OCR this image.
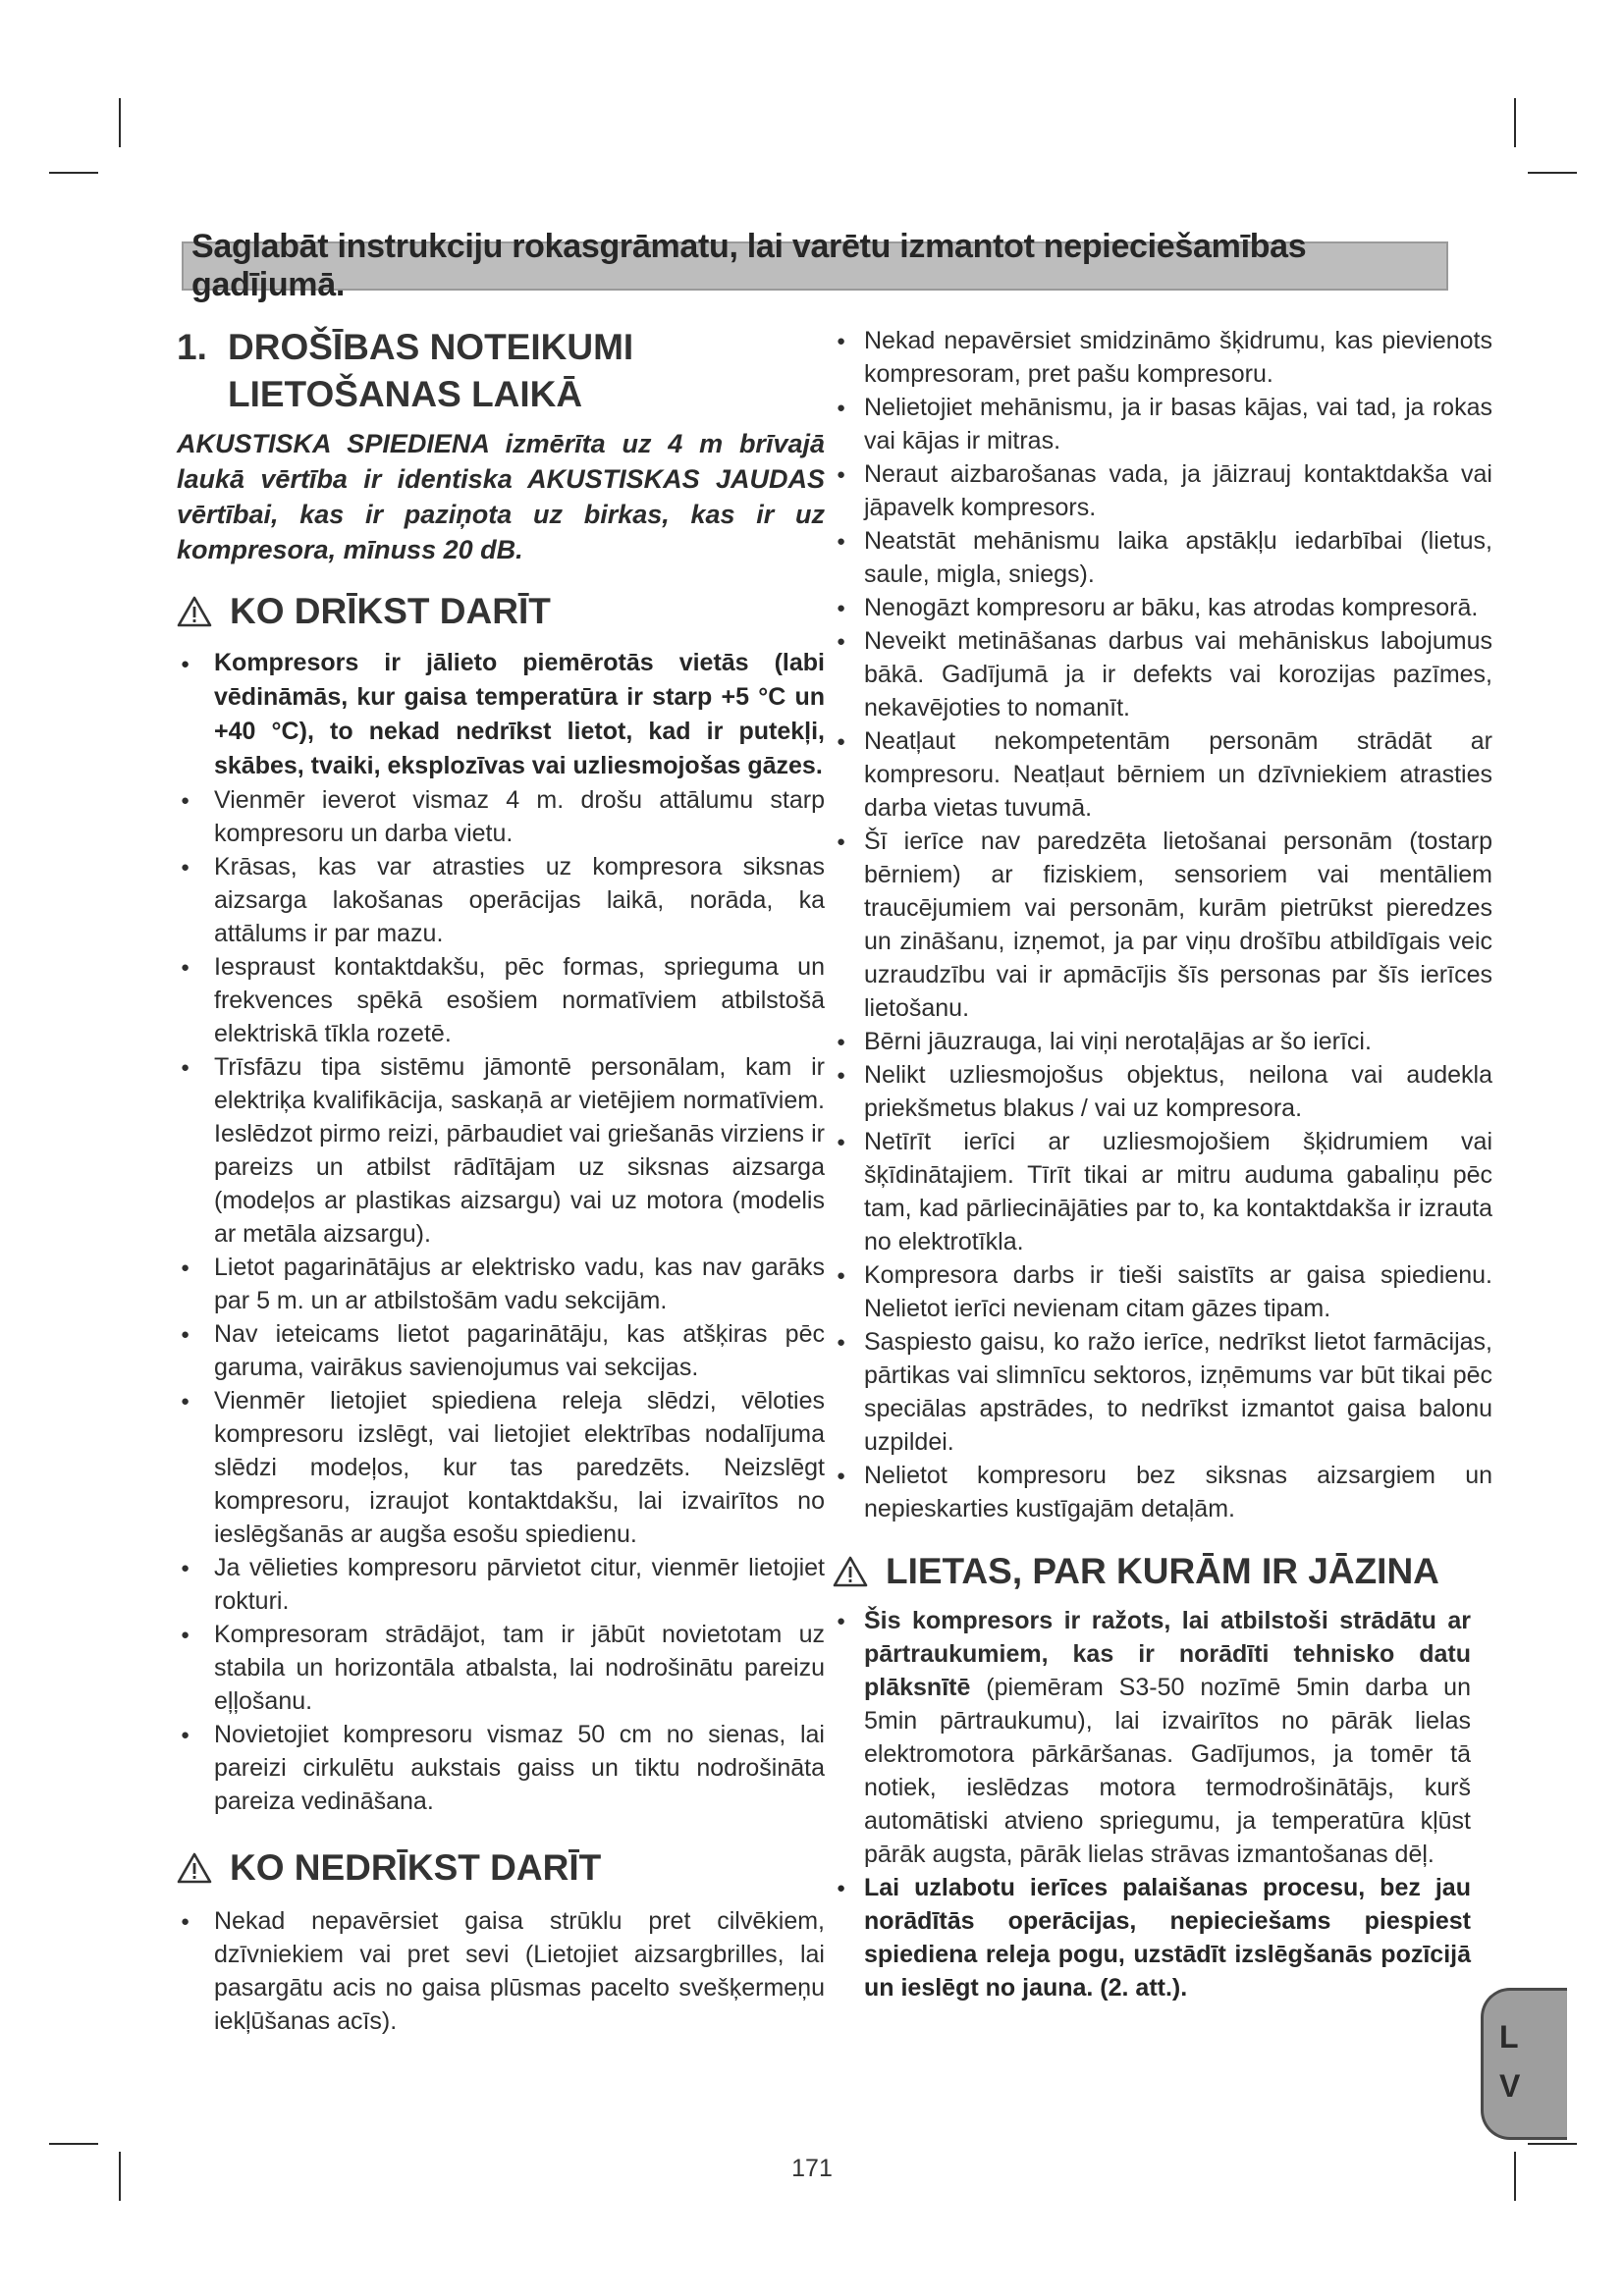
Saglabāt instrukciju rokasgrāmatu, lai varētu izmantot nepieciešamības gadījumā.
1. DROŠĪBAS NOTEIKUMI
LIETOŠANAS LAIKĀ

AKUSTISKA SPIEDIENA izmērīta uz 4 m brīvajā laukā vērtība ir identiska AKUSTISKAS JAUDAS vērtībai, kas ir paziņota uz birkas, kas ir uz kompresora, mīnuss 20 dB.

KO DRĪKST DARĪT
● Kompresors ir jālieto piemērotās vietās (labi vēdināmās, kur gaisa temperatūra ir starp +5 °C un +40 °C), to nekad nedrīkst lietot, kad ir putekļi, skābes, tvaiki, eksplozīvas vai uzliesmojošas gāzes.
● Vienmēr ieverot vismaz 4 m. drošu attālumu starp kompresoru un darba vietu.
● Krāsas, kas var atrasties uz kompresora siksnas aizsarga lakošanas operācijas laikā, norāda, ka attālums ir par mazu.
● Iespraust kontaktdakšu, pēc formas, sprieguma un frekvences spēkā esošiem normatīviem atbilstošā elektriskā tīkla rozetē.
● Trīsfāzu tipa sistēmu jāmontē personālam, kam ir elektriķa kvalifikācija, saskaņā ar vietējiem normatīviem. Ieslēdzot pirmo reizi, pārbaudiet vai griešanās virziens ir pareizs un atbilst rādītājam uz siksnas aizsarga (modeļos ar plastikas aizsargu) vai uz motora (modelis ar metāla aizsargu).
● Lietot pagarinātājus ar elektrisko vadu, kas nav garāks par 5 m. un ar atbilstošām vadu sekcijām.
● Nav ieteicams lietot pagarinātāju, kas atšķiras pēc garuma, vairākus savienojumus vai sekcijas.
● Vienmēr lietojiet spiediena releja slēdzi, vēloties kompresoru izslēgt, vai lietojiet elektrības nodalījuma slēdzi modeļos, kur tas paredzēts. Neizslēgt kompresoru, izraujot kontaktdakšu, lai izvairītos no ieslēgšanās ar augša esošu spiedienu.
● Ja vēlieties kompresoru pārvietot citur, vienmēr lietojiet rokturi.
● Kompresoram strādājot, tam ir jābūt novietotam uz stabila un horizontāla atbalsta, lai nodrošinātu pareizu eļļošanu.
● Novietojiet kompresoru vismaz 50 cm no sienas, lai pareizi cirkulētu aukstais gaiss un tiktu nodrošināta pareiza vedināšana.
KO NEDRĪKST DARĪT
● Nekad nepavērsiet gaisa strūklu pret cilvēkiem, dzīvniekiem vai pret sevi (Lietojiet aizsargbrilles, lai pasargātu acis no gaisa plūsmas pacelto svešķermeņu iekļūšanas acīs).
● Nekad nepavērsiet smidzināmo šķidrumu, kas pievienots kompresoram, pret pašu kompresoru.
● Nelietojiet mehānismu, ja ir basas kājas, vai tad, ja rokas vai kājas ir mitras.
● Neraut aizbarošanas vada, ja jāizrauj kontaktdakša vai jāpavelk kompresors.
● Neatstāt mehānismu laika apstākļu iedarbībai (lietus, saule, migla, sniegs).
● Nenogāzt kompresoru ar bāku, kas atrodas kompresorā.
● Neveikt metināšanas darbus vai mehāniskus labojumus bākā. Gadījumā ja ir defekts vai korozijas pazīmes, nekavējoties to nomanīt.
● Neatļaut nekompetentām personām strādāt ar kompresoru. Neatļaut bērniem un dzīvniekiem atrasties darba vietas tuvumā.
● Šī ierīce nav paredzēta lietošanai personām (tostarp bērniem) ar fiziskiem, sensoriem vai mentāliem traucējumiem vai personām, kurām pietrūkst pieredzes un zināšanu, izņemot, ja par viņu drošību atbildīgais veic uzraudzību vai ir apmācījis šīs personas par šīs ierīces lietošanu.
● Bērni jāuzrauga, lai viņi nerotaļājas ar šo ierīci.
● Nelikt uzliesmojošus objektus, neilona vai audekla priekšmetus blakus / vai uz kompresora.
● Netīrīt ierīci ar uzliesmojošiem šķidrumiem vai šķīdinātajiem. Tīrīt tikai ar mitru auduma gabaliņu pēc tam, kad pārliecinājāties par to, ka kontaktdakša ir izrauta no elektrotīkla.
● Kompresora darbs ir tieši saistīts ar gaisa spiedienu. Nelietot ierīci nevienam citam gāzes tipam.
● Saspiesto gaisu, ko ražo ierīce, nedrīkst lietot farmācijas, pārtikas vai slimnīcu sektoros, izņēmums var būt tikai pēc speciālas apstrādes, to nedrīkst izmantot gaisa balonu uzpildei.
● Nelietot kompresoru bez siksnas aizsargiem un nepieskarties kustīgajām detaļām.
LIETAS, PAR KURĀM IR JĀZINA
● Šis kompresors ir ražots, lai atbilstoši strādātu ar pārtraukumiem, kas ir norādīti tehnisko datu plāksnītē (piemēram S3-50 nozīmē 5min darba un 5min pārtraukumu), lai izvairītos no pārāk lielas elektromotora pārkāršanas. Gadījumos, ja tomēr tā notiek, ieslēdzas motora termodrošinātājs, kurš automātiski atvieno spriegumu, ja temperatūra kļūst pārāk augsta, pārāk lielas strāvas izmantošanas dēļ.
● Lai uzlabotu ierīces palaišanas procesu, bez jau norādītās operācijas, nepieciešams piespiest spiediena releja pogu, uzstādīt izslēgšanās pozīcijā un ieslēgt no jauna. (2. att.).
L
V
171
